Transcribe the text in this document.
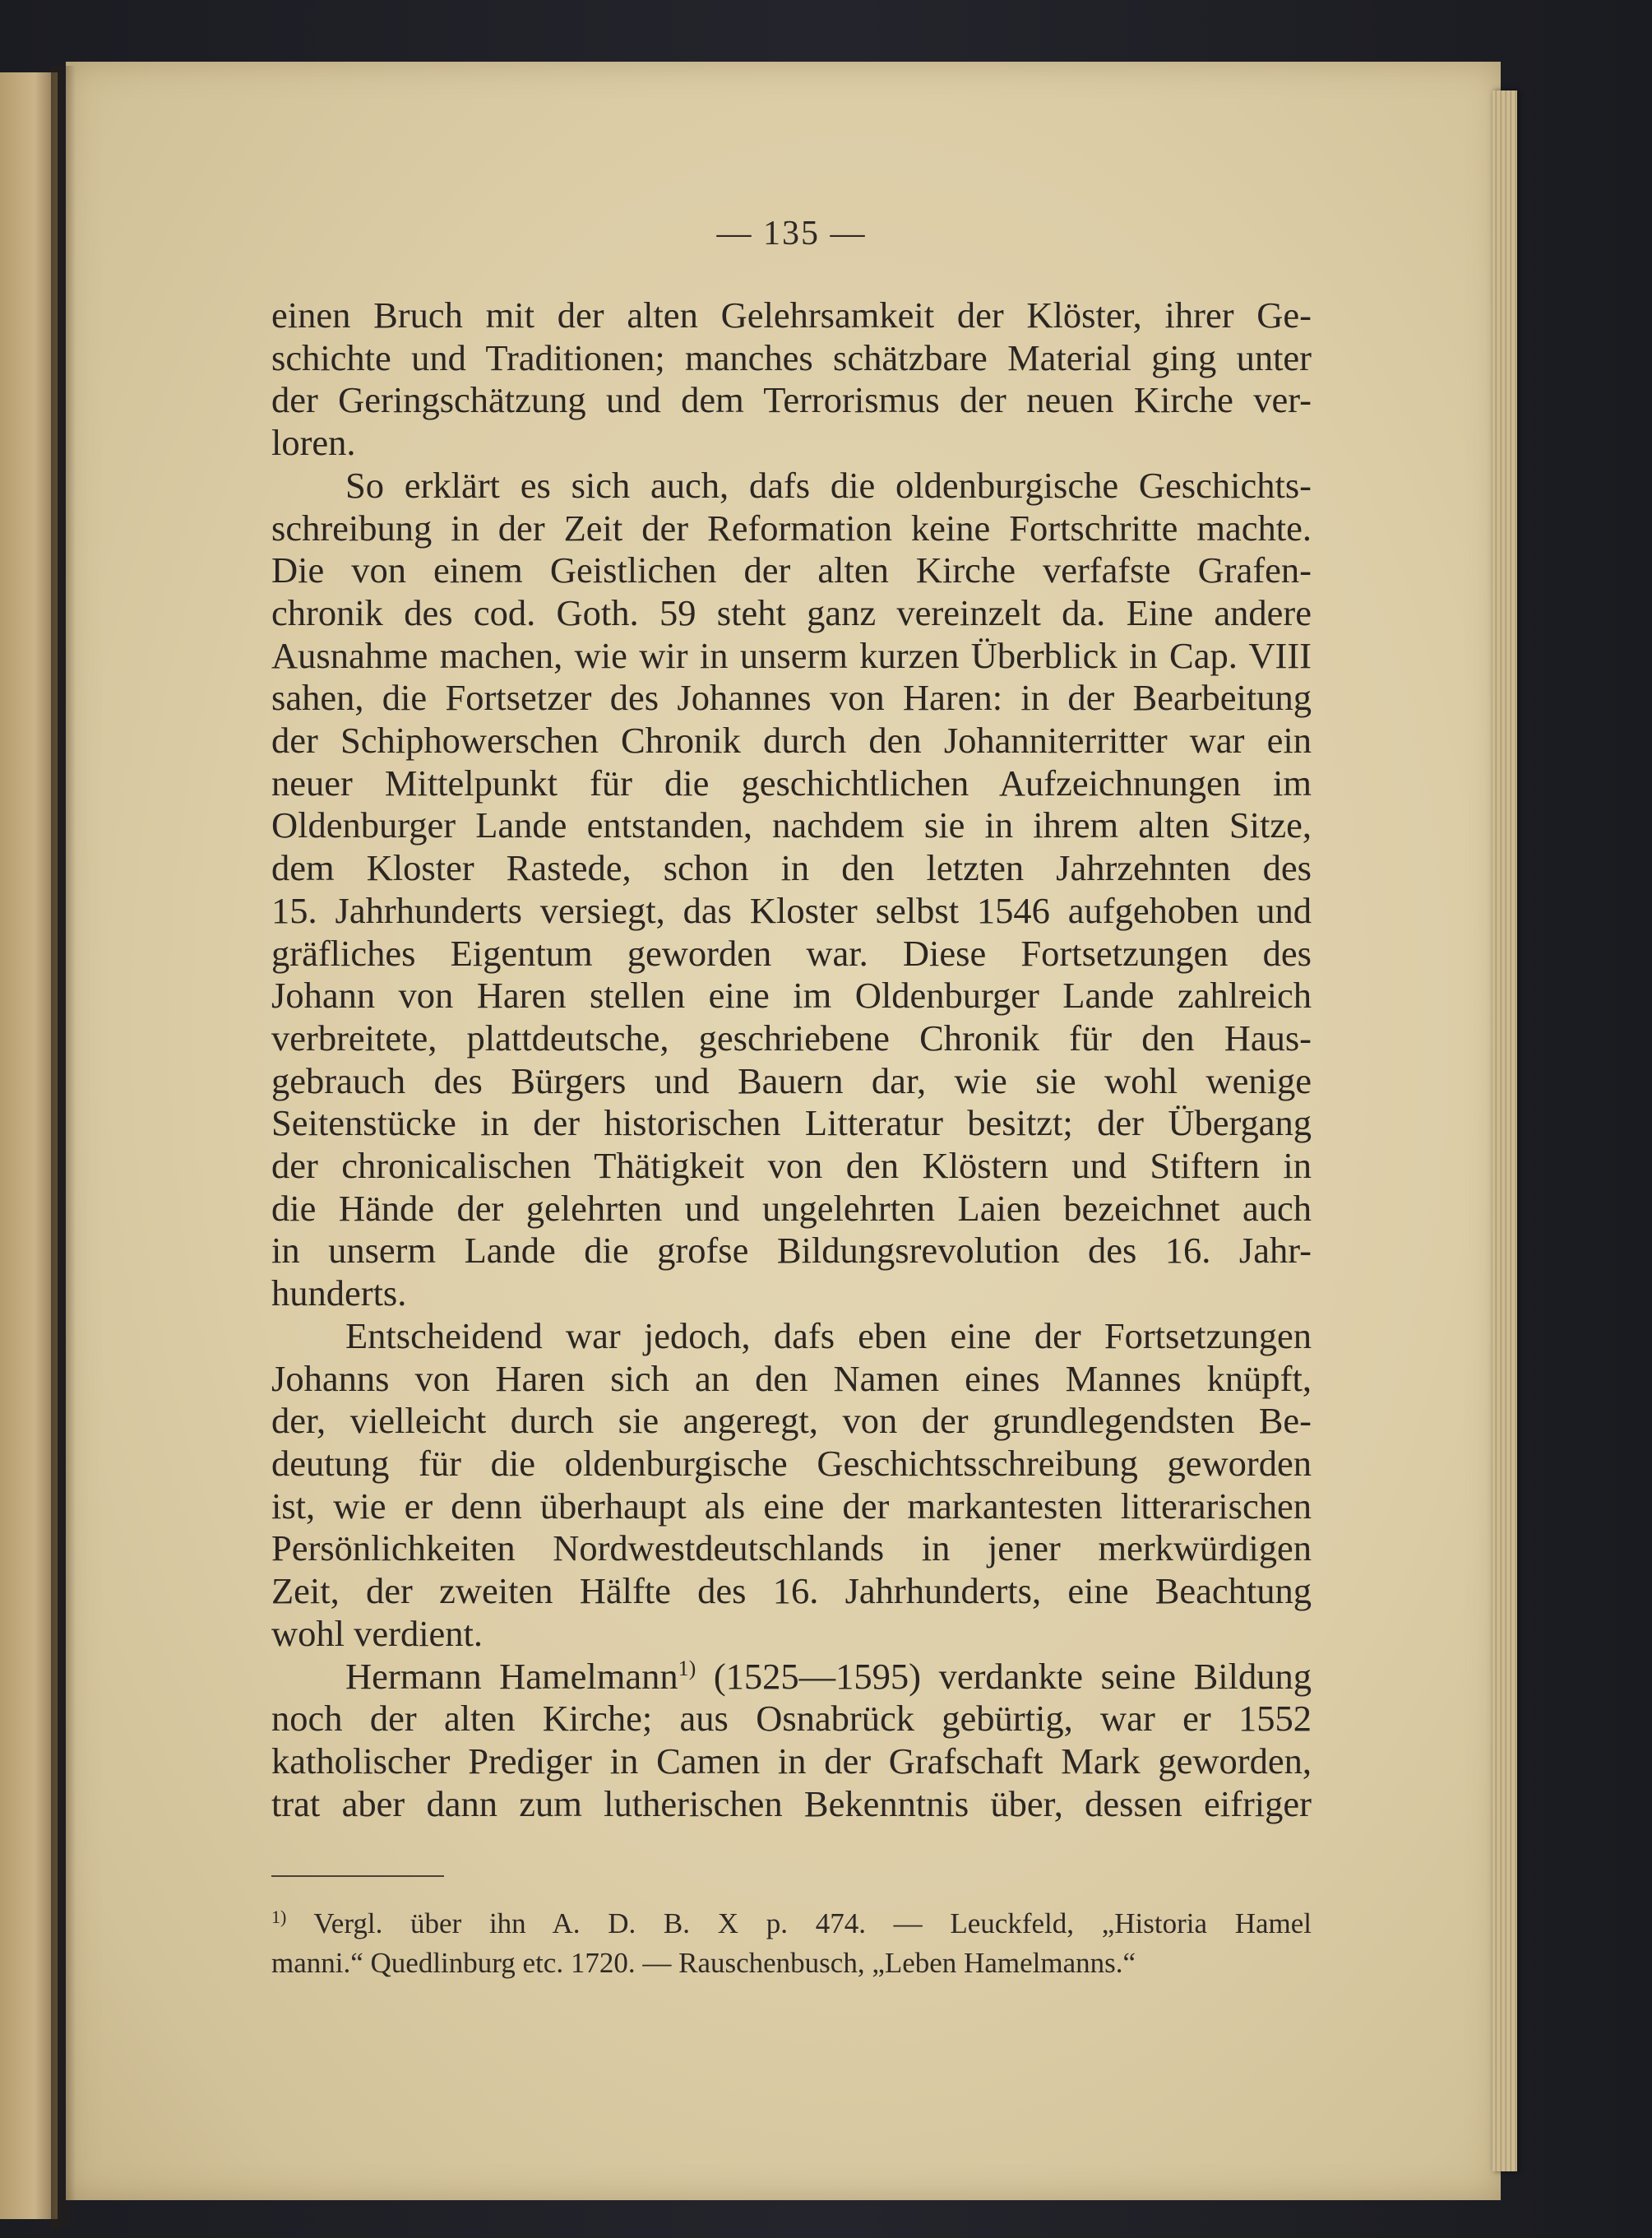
— 135 —
einen Bruch mit der alten Gelehrsamkeit der Klöster, ihrer Ge-
schichte und Traditionen; manches schätzbare Material ging unter
der Geringschätzung und dem Terrorismus der neuen Kirche ver-
loren.
So erklärt es sich auch, dafs die oldenburgische Geschichts-
schreibung in der Zeit der Reformation keine Fortschritte machte.
Die von einem Geistlichen der alten Kirche verfafste Grafen-
chronik des cod. Goth. 59 steht ganz vereinzelt da. Eine andere
Ausnahme machen, wie wir in unserm kurzen Überblick in Cap. VIII
sahen, die Fortsetzer des Johannes von Haren: in der Bearbeitung
der Schiphowerschen Chronik durch den Johanniterritter war ein
neuer Mittelpunkt für die geschichtlichen Aufzeichnungen im
Oldenburger Lande entstanden, nachdem sie in ihrem alten Sitze,
dem Kloster Rastede, schon in den letzten Jahrzehnten des
15. Jahrhunderts versiegt, das Kloster selbst 1546 aufgehoben und
gräfliches Eigentum geworden war. Diese Fortsetzungen des
Johann von Haren stellen eine im Oldenburger Lande zahlreich
verbreitete, plattdeutsche, geschriebene Chronik für den Haus-
gebrauch des Bürgers und Bauern dar, wie sie wohl wenige
Seitenstücke in der historischen Litteratur besitzt; der Übergang
der chronicalischen Thätigkeit von den Klöstern und Stiftern in
die Hände der gelehrten und ungelehrten Laien bezeichnet auch
in unserm Lande die grofse Bildungsrevolution des 16. Jahr-
hunderts.
Entscheidend war jedoch, dafs eben eine der Fortsetzungen
Johanns von Haren sich an den Namen eines Mannes knüpft,
der, vielleicht durch sie angeregt, von der grundlegendsten Be-
deutung für die oldenburgische Geschichtsschreibung geworden
ist, wie er denn überhaupt als eine der markantesten litterarischen
Persönlichkeiten Nordwestdeutschlands in jener merkwürdigen
Zeit, der zweiten Hälfte des 16. Jahrhunderts, eine Beachtung
wohl verdient.
Hermann Hamelmann$^{1)}$ (1525—1595) verdankte seine Bildung
noch der alten Kirche; aus Osnabrück gebürtig, war er 1552
katholischer Prediger in Camen in der Grafschaft Mark geworden,
trat aber dann zum lutherischen Bekenntnis über, dessen eifriger
$^{1)}$ Vergl. über ihn A. D. B. X p. 474. — Leuckfeld, „Historia Hamel
manni.“ Quedlinburg etc. 1720. — Rauschenbusch, „Leben Hamelmanns.“
